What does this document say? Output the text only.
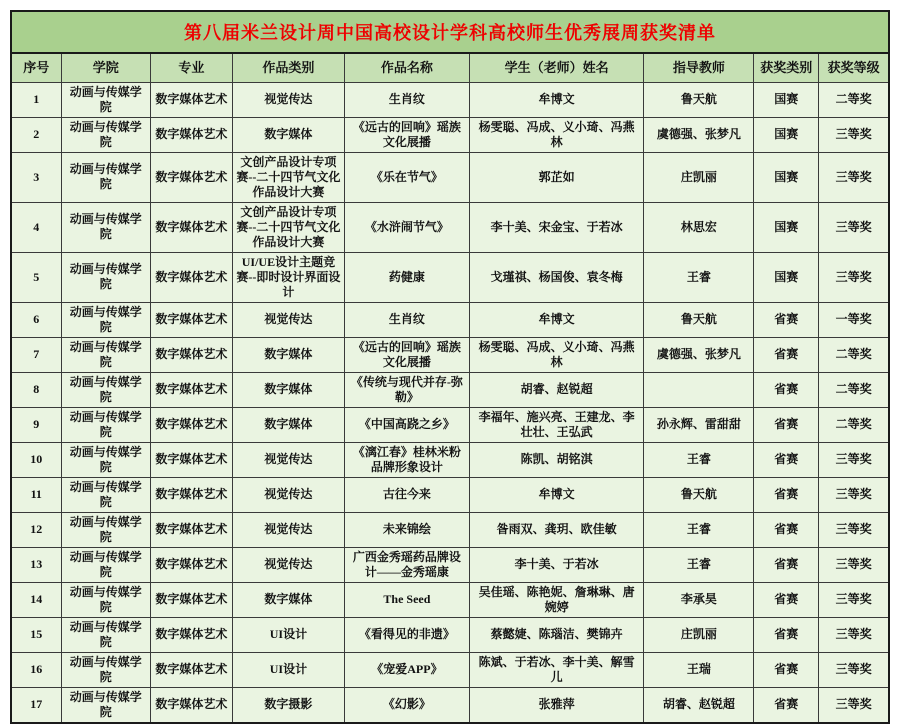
第八届米兰设计周中国高校设计学科高校师生优秀展周获奖清单
序号	学院	专业	作品类别	作品名称	学生（老师）姓名	指导教师	获奖类别	获奖等级
1	动画与传媒学院	数字媒体艺术	视觉传达	生肖纹	牟博文	鲁天航	国赛	二等奖
2	动画与传媒学院	数字媒体艺术	数字媒体	《远古的回响》瑶族文化展播	杨雯聪、冯成、义小琦、冯燕林	虞德强、张梦凡	国赛	三等奖
3	动画与传媒学院	数字媒体艺术	文创产品设计专项赛--二十四节气文化作品设计大赛	《乐在节气》	郭芷如	庄凯丽	国赛	三等奖
4	动画与传媒学院	数字媒体艺术	文创产品设计专项赛--二十四节气文化作品设计大赛	《水浒闹节气》	李十美、宋金宝、于若冰	林思宏	国赛	三等奖
5	动画与传媒学院	数字媒体艺术	UI/UE设计主题竞赛--即时设计界面设计	药健康	戈瑾祺、杨国俊、袁冬梅	王睿	国赛	三等奖
6	动画与传媒学院	数字媒体艺术	视觉传达	生肖纹	牟博文	鲁天航	省赛	一等奖
7	动画与传媒学院	数字媒体艺术	数字媒体	《远古的回响》瑶族文化展播	杨雯聪、冯成、义小琦、冯燕林	虞德强、张梦凡	省赛	二等奖
8	动画与传媒学院	数字媒体艺术	数字媒体	《传统与现代并存-弥勒》	胡睿、赵锐超		省赛	二等奖
9	动画与传媒学院	数字媒体艺术	数字媒体	《中国高跷之乡》	李福年、施兴亮、王建龙、李壮壮、王弘武	孙永辉、雷甜甜	省赛	二等奖
10	动画与传媒学院	数字媒体艺术	视觉传达	《漓江春》桂林米粉品牌形象设计	陈凯、胡铭淇	王睿	省赛	三等奖
11	动画与传媒学院	数字媒体艺术	视觉传达	古往今来	牟博文	鲁天航	省赛	三等奖
12	动画与传媒学院	数字媒体艺术	视觉传达	未来锦绘	昝雨双、龚玥、欧佳敏	王睿	省赛	三等奖
13	动画与传媒学院	数字媒体艺术	视觉传达	广西金秀瑶药品牌设计——金秀瑶康	李十美、于若冰	王睿	省赛	三等奖
14	动画与传媒学院	数字媒体艺术	数字媒体	The Seed	吴佳瑶、陈艳妮、詹琳琳、唐婉婷	李承昊	省赛	三等奖
15	动画与传媒学院	数字媒体艺术	UI设计	《看得见的非遗》	蔡懿婕、陈瑙洁、樊锦卉	庄凯丽	省赛	三等奖
16	动画与传媒学院	数字媒体艺术	UI设计	《宠爱APP》	陈斌、于若冰、李十美、解雪儿	王瑞	省赛	三等奖
17	动画与传媒学院	数字媒体艺术	数字摄影	《幻影》	张雅萍	胡睿、赵锐超	省赛	三等奖
